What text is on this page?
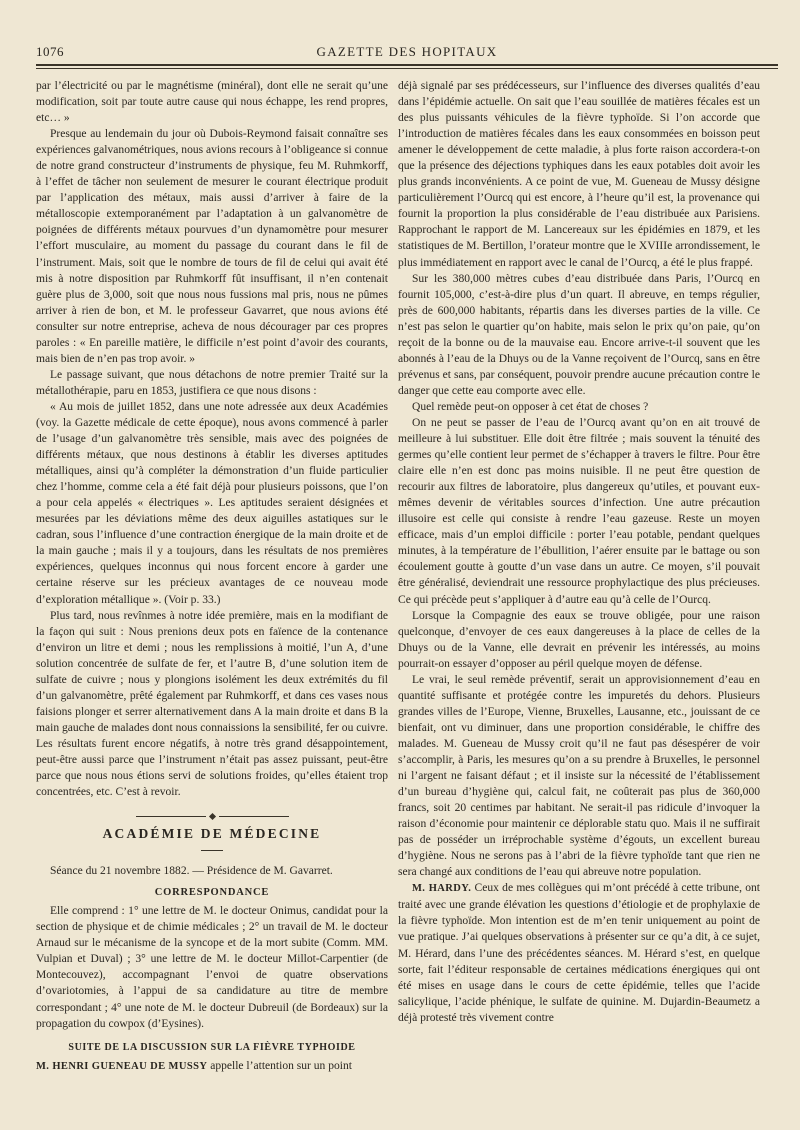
1076	GAZETTE DES HOPITAUX

par l’électricité ou par le magnétisme (minéral), dont elle ne serait qu’une modification, soit par toute autre cause qui nous échappe, les rend propres, etc… »

Presque au lendemain du jour où Dubois-Reymond faisait connaître ses expériences galvanométriques, nous avions recours à l’obligeance si connue de notre grand constructeur d’instruments de physique, feu M. Ruhmkorff, à l’effet de tâcher non seulement de mesurer le courant électrique produit par l’application des métaux, mais aussi d’arriver à faire de la métalloscopie extemporanément par l’adaptation à un galvanomètre de poignées de différents métaux pourvues d’un dynamomètre pour mesurer l’effort musculaire, au moment du passage du courant dans le fil de l’instrument. Mais, soit que le nombre de tours de fil de celui qui avait été mis à notre disposition par Ruhmkorff fût insuffisant, il n’en contenait guère plus de 3,000, soit que nous nous fussions mal pris, nous ne pûmes arriver à rien de bon, et M. le professeur Gavarret, que nous avions été consulter sur notre entreprise, acheva de nous décourager par ces propres paroles : « En pareille matière, le difficile n’est point d’avoir des courants, mais bien de n’en pas trop avoir. »

Le passage suivant, que nous détachons de notre premier Traité sur la métallothérapie, paru en 1853, justifiera ce que nous disons :

« Au mois de juillet 1852, dans une note adressée aux deux Académies (voy. la Gazette médicale de cette époque), nous avons commencé à parler de l’usage d’un galvanomètre très sensible, mais avec des poignées de différents métaux, que nous destinons à établir les diverses aptitudes métalliques, ainsi qu’à compléter la démonstration d’un fluide particulier chez l’homme, comme cela a été fait déjà pour plusieurs poissons, que l’on a pour cela appelés « électriques ». Les aptitudes seraient désignées et mesurées par les déviations même des deux aiguilles astatiques sur le cadran, sous l’influence d’une contraction énergique de la main droite et de la main gauche ; mais il y a toujours, dans les résultats de nos premières expériences, quelques inconnus qui nous forcent encore à garder une certaine réserve sur les précieux avantages de ce nouveau mode d’exploration métallique ». (Voir p. 33.)

Plus tard, nous revînmes à notre idée première, mais en la modifiant de la façon qui suit : Nous prenions deux pots en faïence de la contenance d’environ un litre et demi ; nous les remplissions à moitié, l’un A, d’une solution concentrée de sulfate de fer, et l’autre B, d’une solution item de sulfate de cuivre ; nous y plongions isolément les deux extrémités du fil d’un galvanomètre, prêté également par Ruhmkorff, et dans ces vases nous faisions plonger et serrer alternativement dans A la main droite et dans B la main gauche de malades dont nous connaissions la sensibilité, fer ou cuivre. Les résultats furent encore négatifs, à notre très grand désappointement, peut-être aussi parce que l’instrument n’était pas assez puissant, peut-être parce que nous nous étions servi de solutions froides, qu’elles étaient trop concentrées, etc. C’est à revoir.

ACADÉMIE DE MÉDECINE

Séance du 21 novembre 1882. — Présidence de M. Gavarret.

CORRESPONDANCE

Elle comprend : 1° une lettre de M. le docteur Onimus, candidat pour la section de physique et de chimie médicales ; 2° un travail de M. le docteur Arnaud sur le mécanisme de la syncope et de la mort subite (Comm. MM. Vulpian et Duval) ; 3° une lettre de M. le docteur Millot-Carpentier (de Montecouvez), accompagnant l’envoi de quatre observations d’ovariotomies, à l’appui de sa candidature au titre de membre correspondant ; 4° une note de M. le docteur Dubreuil (de Bordeaux) sur la propagation du cowpox (d’Eysines).

SUITE DE LA DISCUSSION SUR LA FIÈVRE TYPHOIDE

M. HENRI GUENEAU DE MUSSY appelle l’attention sur un point

déjà signalé par ses prédécesseurs, sur l’influence des diverses qualités d’eau dans l’épidémie actuelle. On sait que l’eau souillée de matières fécales est un des plus puissants véhicules de la fièvre typhoïde. Si l’on accorde que l’introduction de matières fécales dans les eaux consommées en boisson peut amener le développement de cette maladie, à plus forte raison accordera-t-on que la présence des déjections typhiques dans les eaux potables doit avoir les plus grands inconvénients. A ce point de vue, M. Gueneau de Mussy désigne particulièrement l’Ourcq qui est encore, à l’heure qu’il est, la provenance qui fournit la proportion la plus considérable de l’eau distribuée aux Parisiens. Rapprochant le rapport de M. Lancereaux sur les épidémies en 1879, et les statistiques de M. Bertillon, l’orateur montre que le XVIIIe arrondissement, le plus immédiatement en rapport avec le canal de l’Ourcq, a été le plus frappé.

Sur les 380,000 mètres cubes d’eau distribuée dans Paris, l’Ourcq en fournit 105,000, c’est-à-dire plus d’un quart. Il abreuve, en temps régulier, près de 600,000 habitants, répartis dans les diverses parties de la ville. Ce n’est pas selon le quartier qu’on habite, mais selon le prix qu’on paie, qu’on reçoit de la bonne ou de la mauvaise eau. Encore arrive-t-il souvent que les abonnés à l’eau de la Dhuys ou de la Vanne reçoivent de l’Ourcq, sans en être prévenus et sans, par conséquent, pouvoir prendre aucune précaution contre le danger que cette eau comporte avec elle.

Quel remède peut-on opposer à cet état de choses ?

On ne peut se passer de l’eau de l’Ourcq avant qu’on en ait trouvé de meilleure à lui substituer. Elle doit être filtrée ; mais souvent la ténuité des germes qu’elle contient leur permet de s’échapper à travers le filtre. Pour être claire elle n’en est donc pas moins nuisible. Il ne peut être question de recourir aux filtres de laboratoire, plus dangereux qu’utiles, et pouvant eux-mêmes devenir de véritables sources d’infection. Une autre précaution illusoire est celle qui consiste à rendre l’eau gazeuse. Reste un moyen efficace, mais d’un emploi difficile : porter l’eau potable, pendant quelques minutes, à la température de l’ébullition, l’aérer ensuite par le battage ou son écoulement goutte à goutte d’un vase dans un autre. Ce moyen, s’il pouvait être généralisé, deviendrait une ressource prophylactique des plus précieuses. Ce qui précède peut s’appliquer à d’autre eau qu’à celle de l’Ourcq.

Lorsque la Compagnie des eaux se trouve obligée, pour une raison quelconque, d’envoyer de ces eaux dangereuses à la place de celles de la Dhuys ou de la Vanne, elle devrait en prévenir les intéressés, au moins pourrait-on essayer d’opposer au péril quelque moyen de défense.

Le vrai, le seul remède préventif, serait un approvisionnement d’eau en quantité suffisante et protégée contre les impuretés du dehors. Plusieurs grandes villes de l’Europe, Vienne, Bruxelles, Lausanne, etc., jouissant de ce bienfait, ont vu diminuer, dans une proportion considérable, le chiffre des malades. M. Gueneau de Mussy croit qu’il ne faut pas désespérer de voir s’accomplir, à Paris, les mesures qu’on a su prendre à Bruxelles, le personnel ni l’argent ne faisant défaut ; et il insiste sur la nécessité de l’établissement d’un bureau d’hygiène qui, calcul fait, ne coûterait pas plus de 360,000 francs, soit 20 centimes par habitant. Ne serait-il pas ridicule d’invoquer la raison d’économie pour maintenir ce déplorable statu quo. Mais il ne suffirait pas de posséder un irréprochable système d’égouts, un excellent bureau d’hygiène. Nous ne serons pas à l’abri de la fièvre typhoïde tant que rien ne sera changé aux conditions de l’eau qui abreuve notre population.

M. HARDY. Ceux de mes collègues qui m’ont précédé à cette tribune, ont traité avec une grande élévation les questions d’étiologie et de prophylaxie de la fièvre typhoïde. Mon intention est de m’en tenir uniquement au point de vue pratique. J’ai quelques observations à présenter sur ce qu’a dit, à ce sujet, M. Hérard, dans l’une des précédentes séances. M. Hérard s’est, en quelque sorte, fait l’éditeur responsable de certaines médications énergiques qui ont été mises en usage dans le cours de cette épidémie, telles que l’acide salicylique, l’acide phénique, le sulfate de quinine. M. Dujardin-Beaumetz a déjà protesté très vivement contre
